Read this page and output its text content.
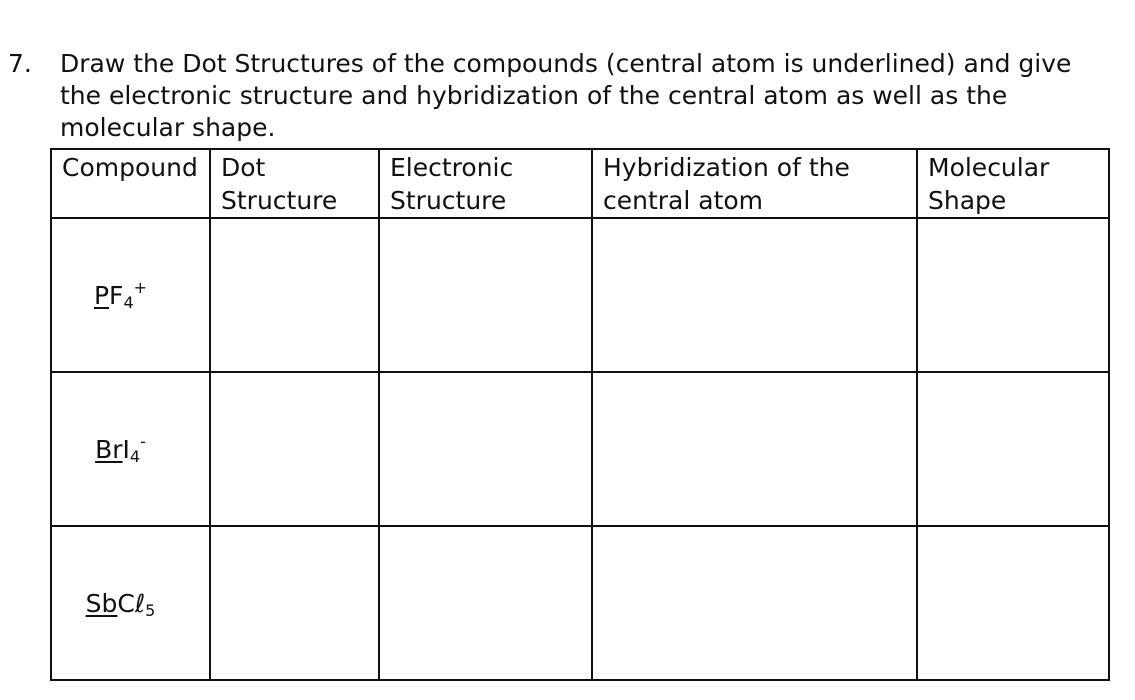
7. Draw the Dot Structures of the compounds (central atom is underlined) and give the electronic structure and hybridization of the central atom as well as the molecular shape.
Compound	Dot Structure	Electronic Structure	Hybridization of the central atom	Molecular Shape
$PF_4^+$				
BrI$_4$-				
SbCℓ$_5$				
